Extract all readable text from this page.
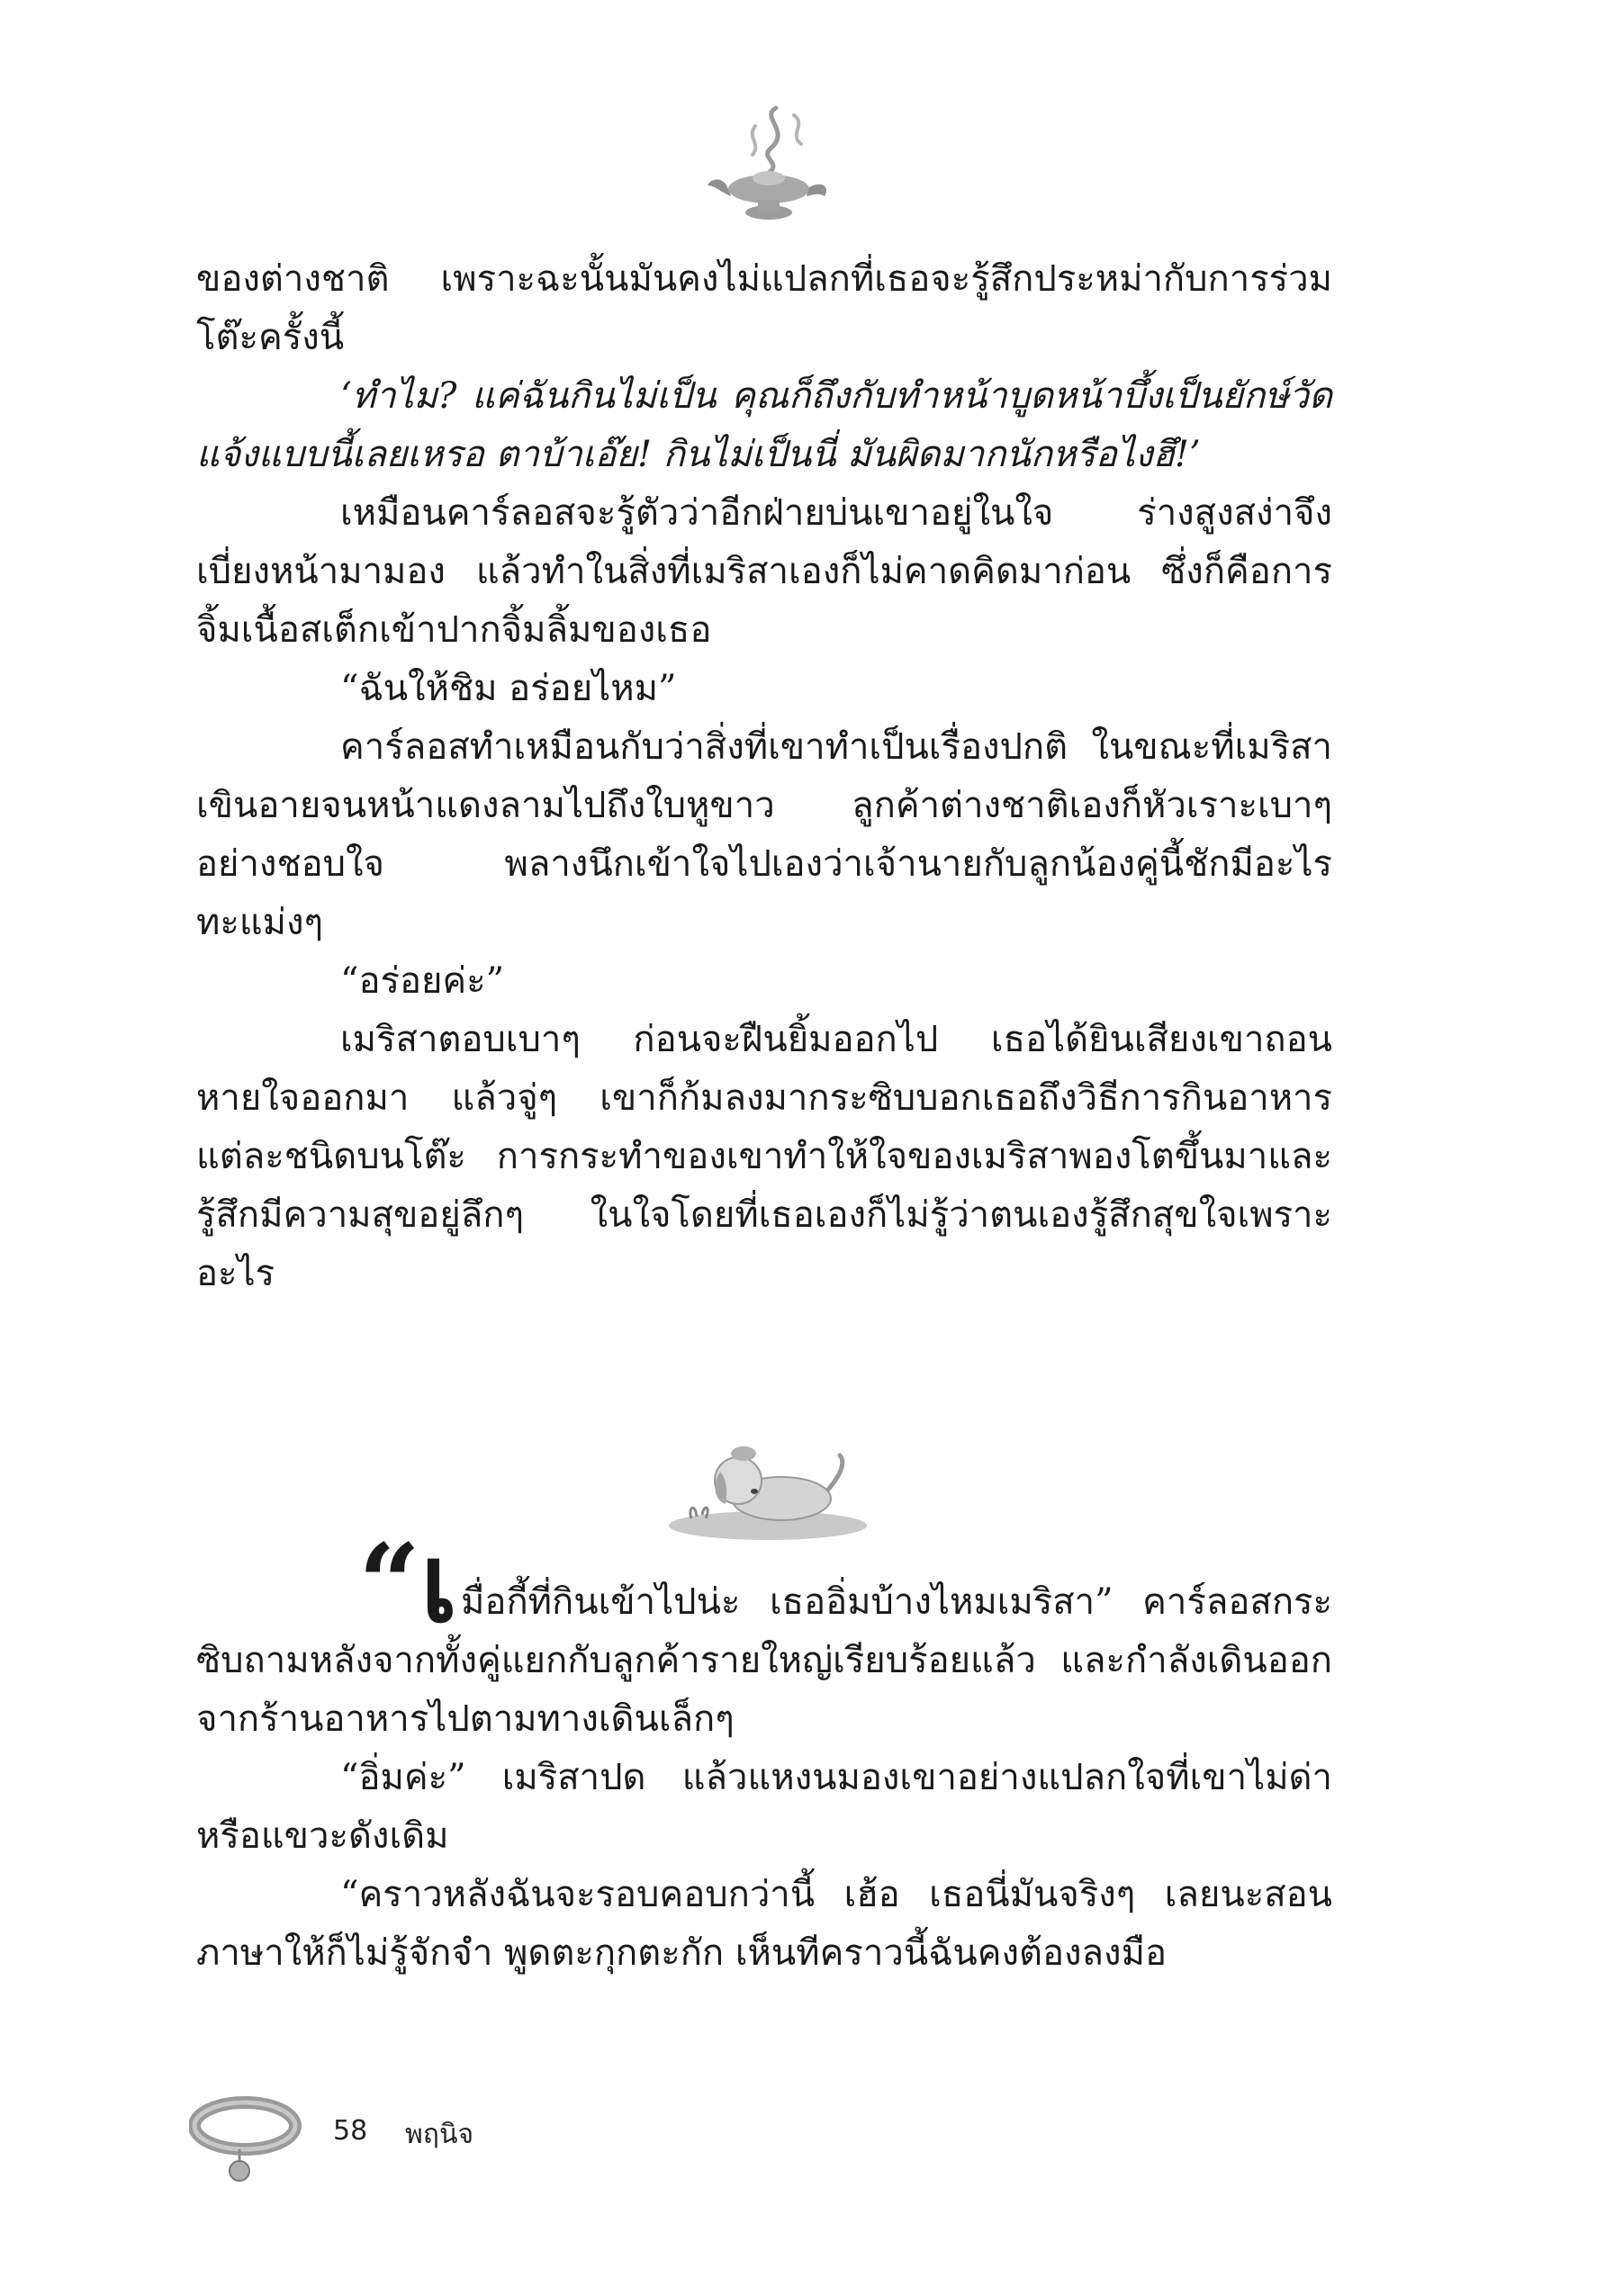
ของต่างชาติ เพราะฉะนั้นมันคงไม่แปลกที่เธอจะรู้สึกประหม่ากับการร่วมโต๊ะครั้งนี้

‘ทำไม? แค่ฉันกินไม่เป็น คุณก็ถึงกับทำหน้าบูดหน้าบึ้งเป็นยักษ์วัดแจ้งแบบนี้เลยเหรอ ตาบ้าเอ๊ย! กินไม่เป็นนี่ มันผิดมากนักหรือไงฮึ!’

เหมือนคาร์ลอสจะรู้ตัวว่าอีกฝ่ายบ่นเขาอยู่ในใจ ร่างสูงสง่าจึงเบี่ยงหน้ามามอง แล้วทำในสิ่งที่เมริสาเองก็ไม่คาดคิดมาก่อน ซึ่งก็คือการจิ้มเนื้อสเต็กเข้าปากจิ้มลิ้มของเธอ

“ฉันให้ชิม อร่อยไหม”

คาร์ลอสทำเหมือนกับว่าสิ่งที่เขาทำเป็นเรื่องปกติ ในขณะที่เมริสาเขินอายจนหน้าแดงลามไปถึงใบหูขาว ลูกค้าต่างชาติเองก็หัวเราะเบาๆ อย่างชอบใจ พลางนึกเข้าใจไปเองว่าเจ้านายกับลูกน้องคู่นี้ชักมีอะไรทะแม่งๆ

“อร่อยค่ะ”

เมริสาตอบเบาๆ ก่อนจะฝืนยิ้มออกไป เธอได้ยินเสียงเขาถอนหายใจออกมา แล้วจู่ๆ เขาก็ก้มลงมากระซิบบอกเธอถึงวิธีการกินอาหารแต่ละชนิดบนโต๊ะ การกระทำของเขาทำให้ใจของเมริสาพองโตขึ้นมาและรู้สึกมีความสุขอยู่ลึกๆ ในใจโดยที่เธอเองก็ไม่รู้ว่าตนเองรู้สึกสุขใจเพราะอะไร

“เ มื่อกี้ที่กินเข้าไปน่ะ เธออิ่มบ้างไหมเมริสา” คาร์ลอสกระซิบถามหลังจากทั้งคู่แยกกับลูกค้ารายใหญ่เรียบร้อยแล้ว และกำลังเดินออกจากร้านอาหารไปตามทางเดินเล็กๆ

“อิ่มค่ะ” เมริสาปด แล้วแหงนมองเขาอย่างแปลกใจที่เขาไม่ด่าหรือแขวะดังเดิม

“คราวหลังฉันจะรอบคอบกว่านี้ เฮ้อ เธอนี่มันจริงๆ เลยนะสอนภาษาให้ก็ไม่รู้จักจำ พูดตะกุกตะกัก เห็นทีคราวนี้ฉันคงต้องลงมือ

58 พฤนิจ
